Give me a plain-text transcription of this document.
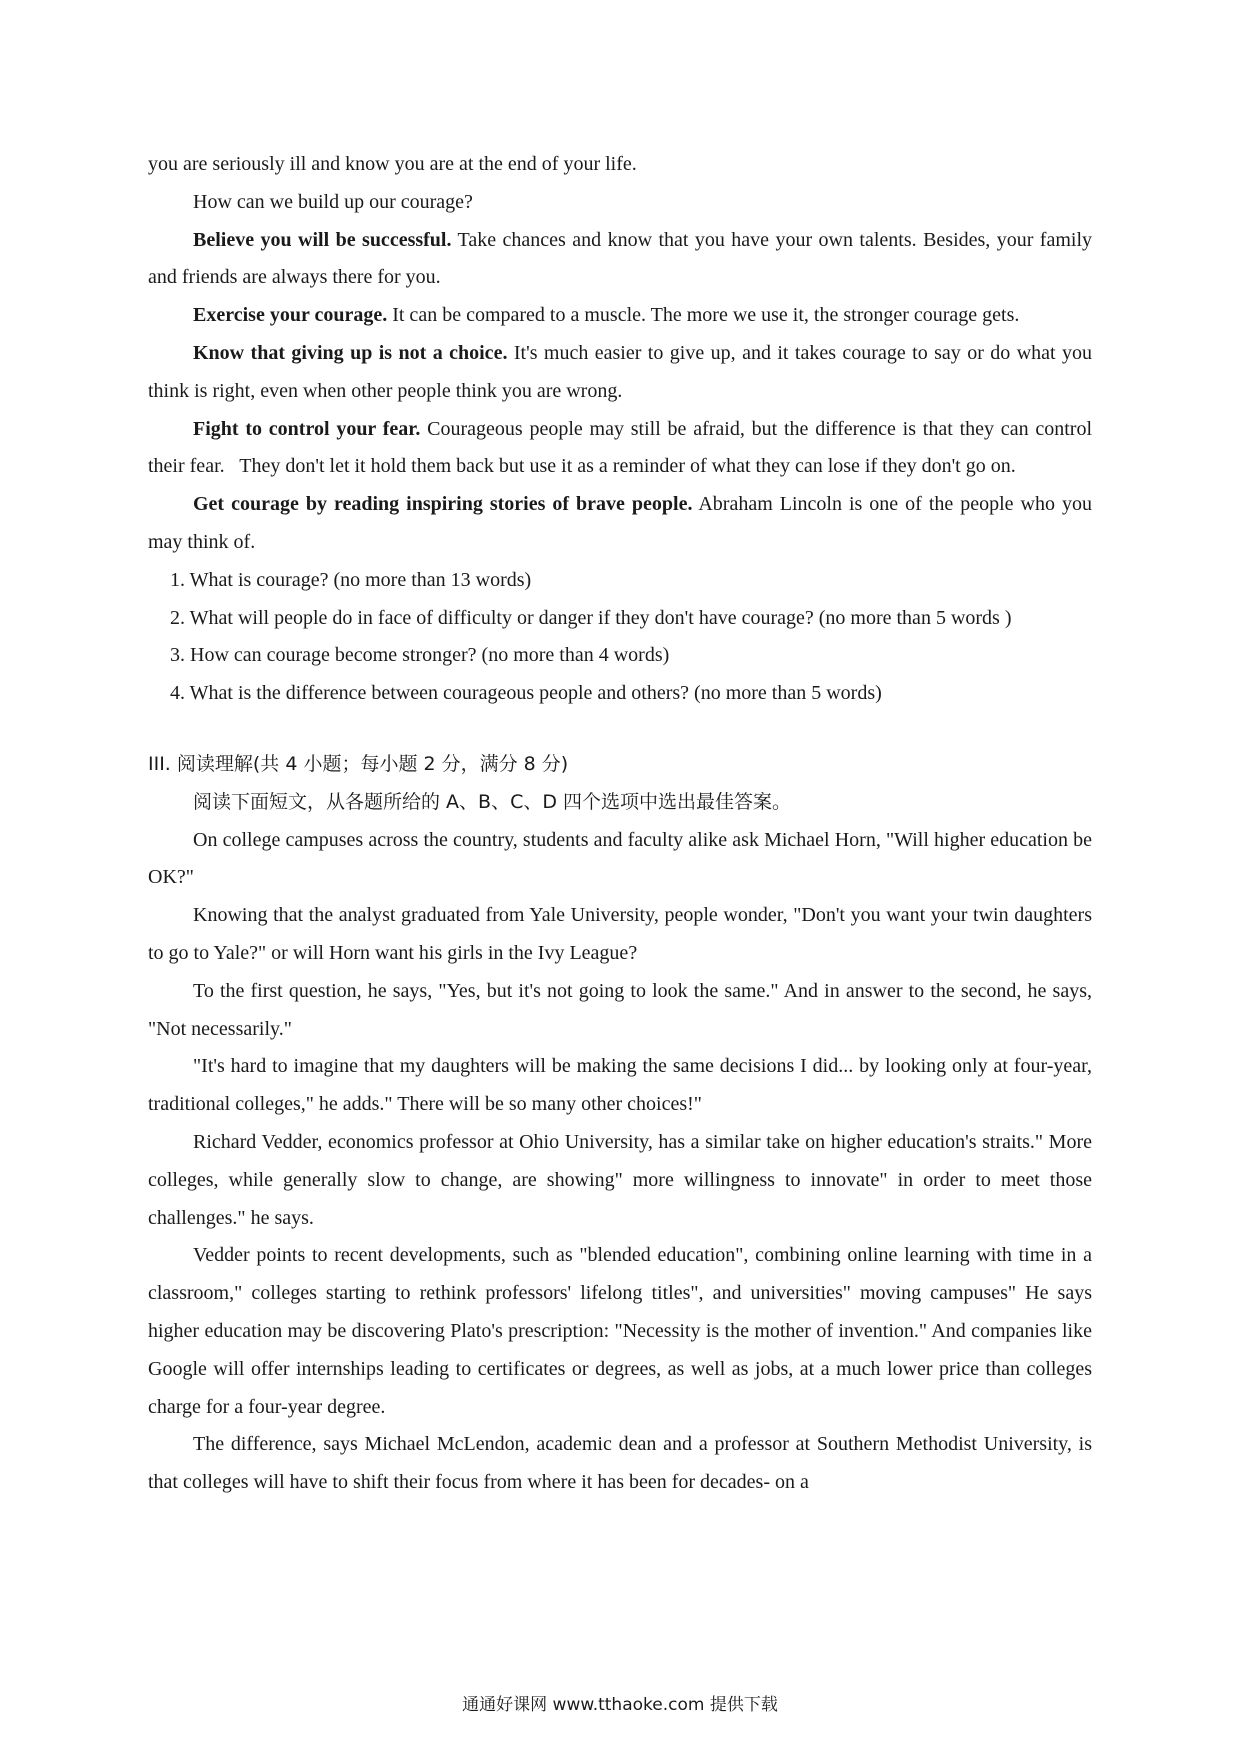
you are seriously ill and know you are at the end of your life.

How can we build up our courage?

Believe you will be successful. Take chances and know that you have your own talents. Besides, your family and friends are always there for you.

Exercise your courage. It can be compared to a muscle. The more we use it, the stronger courage gets.

Know that giving up is not a choice. It's much easier to give up, and it takes courage to say or do what you think is right, even when other people think you are wrong.

Fight to control your fear. Courageous people may still be afraid, but the difference is that they can control their fear.   They don't let it hold them back but use it as a reminder of what they can lose if they don't go on.

Get courage by reading inspiring stories of brave people. Abraham Lincoln is one of the people who you may think of.

1. What is courage? (no more than 13 words)

2. What will people do in face of difficulty or danger if they don't have courage? (no more than 5 words )

3. How can courage become stronger? (no more than 4 words)

4. What is the difference between courageous people and others? (no more than 5 words)

III. 阅读理解(共 4 小题；每小题 2 分，满分 8 分)

阅读下面短文，从各题所给的 A、B、C、D 四个选项中选出最佳答案。

On college campuses across the country, students and faculty alike ask Michael Horn, "Will higher education be OK?"

Knowing that the analyst graduated from Yale University, people wonder, "Don't you want your twin daughters to go to Yale?" or will Horn want his girls in the Ivy League?

To the first question, he says, "Yes, but it's not going to look the same." And in answer to the second, he says, "Not necessarily."

"It's hard to imagine that my daughters will be making the same decisions I did... by looking only at four-year, traditional colleges," he adds." There will be so many other choices!"

Richard Vedder, economics professor at Ohio University, has a similar take on higher education's straits." More colleges, while generally slow to change, are showing" more willingness to innovate" in order to meet those challenges." he says.

Vedder points to recent developments, such as "blended education", combining online learning with time in a classroom," colleges starting to rethink professors' lifelong titles", and universities" moving campuses" He says higher education may be discovering Plato's prescription: "Necessity is the mother of invention." And companies like Google will offer internships leading to certificates or degrees, as well as jobs, at a much lower price than colleges charge for a four-year degree.

The difference, says Michael McLendon, academic dean and a professor at Southern Methodist University, is that colleges will have to shift their focus from where it has been for decades- on a

通通好课网 www.tthaoke.com 提供下载
